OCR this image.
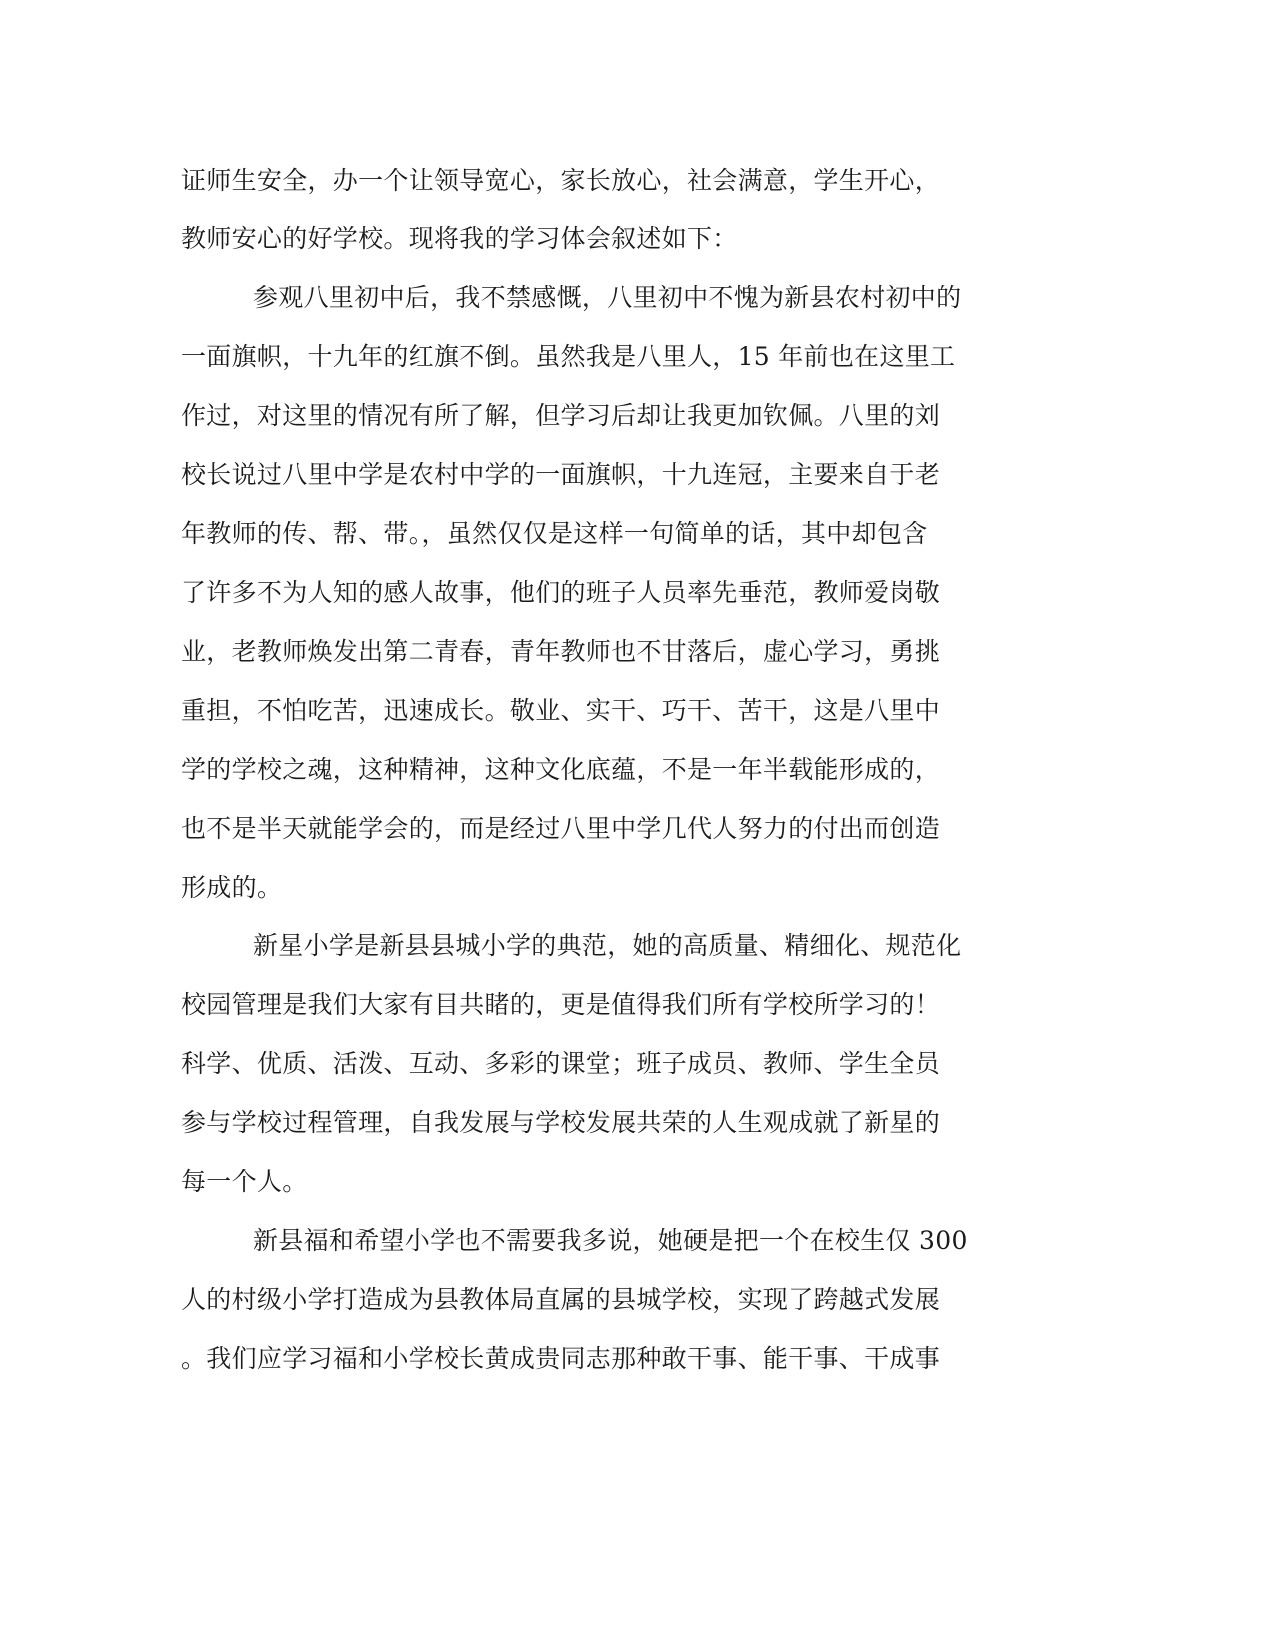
证师生安全，办一个让领导宽心，家长放心，社会满意，学生开心，
教师安心的好学校。现将我的学习体会叙述如下：
参观八里初中后，我不禁感慨，八里初中不愧为新县农村初中的
一面旗帜，十九年的红旗不倒。虽然我是八里人，15 年前也在这里工
作过，对这里的情况有所了解，但学习后却让我更加钦佩。八里的刘
校长说过八里中学是农村中学的一面旗帜，十九连冠，主要来自于老
年教师的传、帮、带。，虽然仅仅是这样一句简单的话，其中却包含
了许多不为人知的感人故事，他们的班子人员率先垂范，教师爱岗敬
业，老教师焕发出第二青春，青年教师也不甘落后，虚心学习，勇挑
重担，不怕吃苦，迅速成长。敬业、实干、巧干、苦干，这是八里中
学的学校之魂，这种精神，这种文化底蕴，不是一年半载能形成的，
也不是半天就能学会的，而是经过八里中学几代人努力的付出而创造
形成的。
新星小学是新县县城小学的典范，她的高质量、精细化、规范化
校园管理是我们大家有目共睹的，更是值得我们所有学校所学习的！
科学、优质、活泼、互动、多彩的课堂；班子成员、教师、学生全员
参与学校过程管理，自我发展与学校发展共荣的人生观成就了新星的
每一个人。
新县福和希望小学也不需要我多说，她硬是把一个在校生仅 300
人的村级小学打造成为县教体局直属的县城学校，实现了跨越式发展
。我们应学习福和小学校长黄成贵同志那种敢干事、能干事、干成事
